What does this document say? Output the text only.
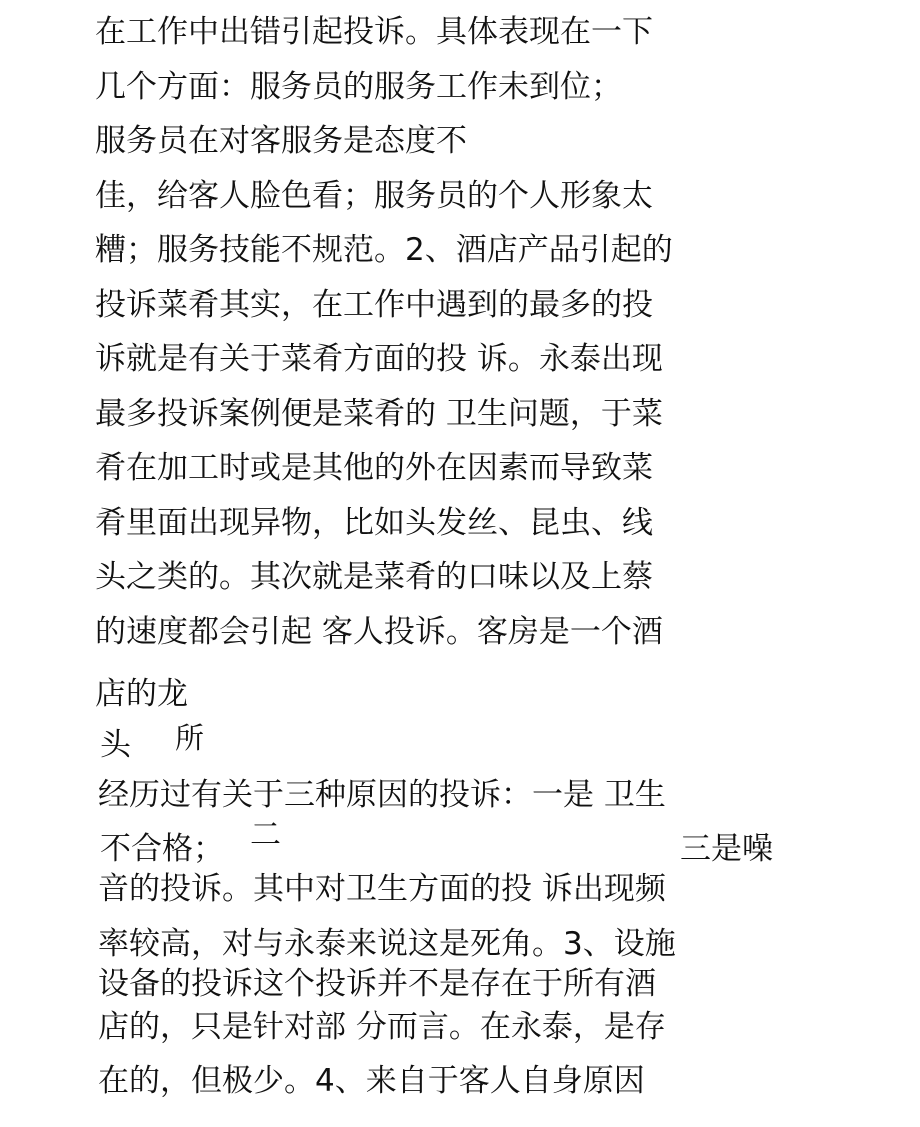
在工作中出错引起投诉。具体表现在一下
几个方面：服务员的服务工作未到位；
服务员在对客服务是态度不
佳，给客人脸色看；服务员的个人形象太
糟；服务技能不规范。2、酒店产品引起的
投诉菜肴其实，在工作中遇到的最多的投
诉就是有关于菜肴方面的投 诉。永泰出现
最多投诉案例便是菜肴的 卫生问题，于菜
肴在加工时或是其他的外在因素而导致菜
肴里面出现异物，比如头发丝、昆虫、线
头之类的。其次就是菜肴的口味以及上蔡
的速度都会引起 客人投诉。客房是一个酒
店的龙
头 所
经历过有关于三种原因的投诉：一是 卫生
不合格； 二	三是噪
音的投诉。其中对卫生方面的投 诉出现频
率较高，对与永泰来说这是死角。3、设施
设备的投诉这个投诉并不是存在于所有酒
店的，只是针对部 分而言。在永泰，是存
在的，但极少。4、来自于客人自身原因
